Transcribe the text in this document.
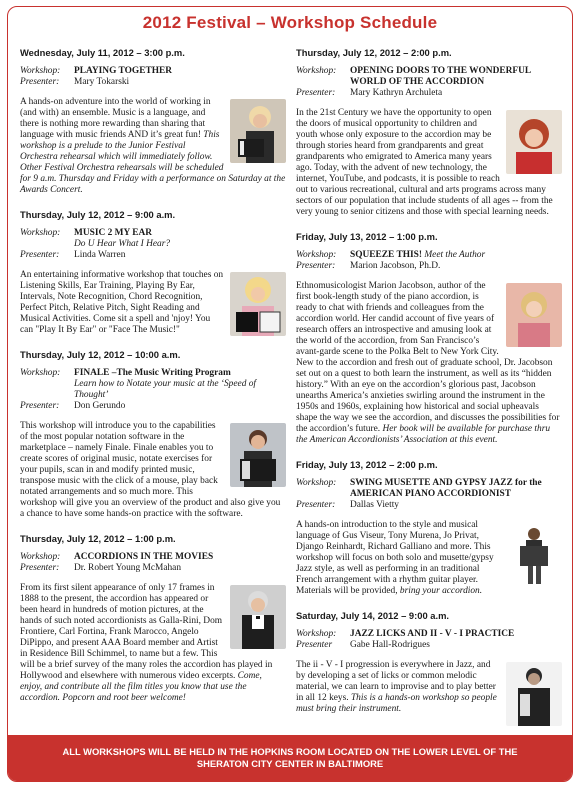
2012 Festival – Workshop Schedule
Wednesday, July 11, 2012 – 3:00 p.m.
Workshop:	PLAYING TOGETHER
Presenter:	Mary Tokarski
A hands-on adventure into the world of working in (and with) an ensemble. Music is a language, and there is nothing more rewarding than sharing that language with music friends AND it’s great fun! This workshop is a prelude to the Junior Festival Orchestra rehearsal which will immediately follow. Other Festival Orchestra rehearsals will be scheduled for 9 a.m. Thursday and Friday with a performance on Saturday at the Awards Concert.
Thursday, July 12, 2012 – 9:00 a.m.
Workshop:	MUSIC 2 MY EAR
Do U Hear What I Hear?
Presenter:	Linda Warren
An entertaining informative workshop that touches on Listening Skills, Ear Training, Playing By Ear, Intervals, Note Recognition, Chord Recognition, Perfect Pitch, Relative Pitch, Sight Reading and Musical Activities. Come sit a spell and 'njoy! You can "Play It By Ear" or "Face The Music!"
Thursday, July 12, 2012 – 10:00 a.m.
Workshop:	FINALE –The Music Writing Program
Learn how to Notate your music at the ‘Speed of Thought’
Presenter:	Don Gerundo
This workshop will introduce you to the capabilities of the most popular notation software in the marketplace – namely Finale. Finale enables you to create scores of original music, notate exercises for your pupils, scan in and modify printed music, transpose music with the click of a mouse, play back notated arrangements and so much more. This workshop will give you an overview of the product and also give you a chance to have some hands-on practice with the software.
Thursday, July 12, 2012 – 1:00 p.m.
Workshop:	ACCORDIONS IN THE MOVIES
Presenter:	Dr. Robert Young McMahan
From its first silent appearance of only 17 frames in 1888 to the present, the accordion has appeared or been heard in hundreds of motion pictures, at the hands of such noted accordionists as Galla-Rini, Dom Frontiere, Carl Fortina, Frank Marocco, Angelo DiPippo, and present AAA Board member and Artist in Residence Bill Schimmel, to name but a few. This will be a brief survey of the many roles the accordion has played in Hollywood and elsewhere with numerous video excerpts. Come, enjoy, and contribute all the film titles you know that use the accordion. Popcorn and root beer welcome!
Thursday, July 12, 2012 – 2:00 p.m.
Workshop:	OPENING DOORS TO THE WONDERFUL WORLD OF THE ACCORDION
Presenter:	Mary Kathryn Archuleta
In the 21st Century we have the opportunity to open the doors of musical opportunity to children and youth whose only exposure to the accordion may be through stories heard from grandparents and great grandparents who emigrated to America many years ago. Today, with the advent of new technology, the internet, YouTube, and podcasts, it is possible to reach out to various recreational, cultural and arts programs across many sectors of our population that include students of all ages -- from the very young to senior citizens and those with special learning needs.
Friday, July 13, 2012 – 1:00 p.m.
Workshop:	SQUEEZE THIS! Meet the Author
Presenter:	Marion Jacobson, Ph.D.
Ethnomusicologist Marion Jacobson, author of the first book-length study of the piano accordion, is ready to chat with friends and colleagues from the accordion world. Her candid account of five years of research offers an introspective and amusing look at the world of the accordion, from San Francisco’s avant-garde scene to the Polka Belt to New York City. New to the accordion and fresh out of graduate school, Dr. Jacobson set out on a quest to both learn the instrument, as well as its “hidden history.” With an eye on the accordion’s glorious past, Jacobson unearths America’s anxieties swirling around the instrument in the 1950s and 1960s, explaining how historical and social upheavals shape the way we see the accordion, and discusses the possibilities for the accordion’s future. Her book will be available for purchase thru the American Accordionists’ Association at this event.
Friday, July 13, 2012 – 2:00 p.m.
Workshop:	SWING MUSETTE AND GYPSY JAZZ for the AMERICAN PIANO ACCORDIONIST
Presenter:	Dallas Vietty
A hands-on introduction to the style and musical language of Gus Viseur, Tony Murena, Jo Privat, Django Reinhardt, Richard Galliano and more. This workshop will focus on both solo and musette/gypsy Jazz style, as well as performing in an traditional French arrangement with a rhythm guitar player. Materials will be provided, bring your accordion.
Saturday, July 14, 2012 – 9:00 a.m.
Workshop:	JAZZ LICKS AND II - V - I PRACTICE
Presenter	Gabe Hall-Rodrigues
The ii - V - I progression is everywhere in Jazz, and by developing a set of licks or common melodic material, we can learn to improvise and to play better in all 12 keys. This is a hands-on workshop so people must bring their instrument.
ALL WORKSHOPS WILL BE HELD IN THE HOPKINS ROOM LOCATED ON THE LOWER LEVEL OF THE
SHERATON CITY CENTER IN BALTIMORE
